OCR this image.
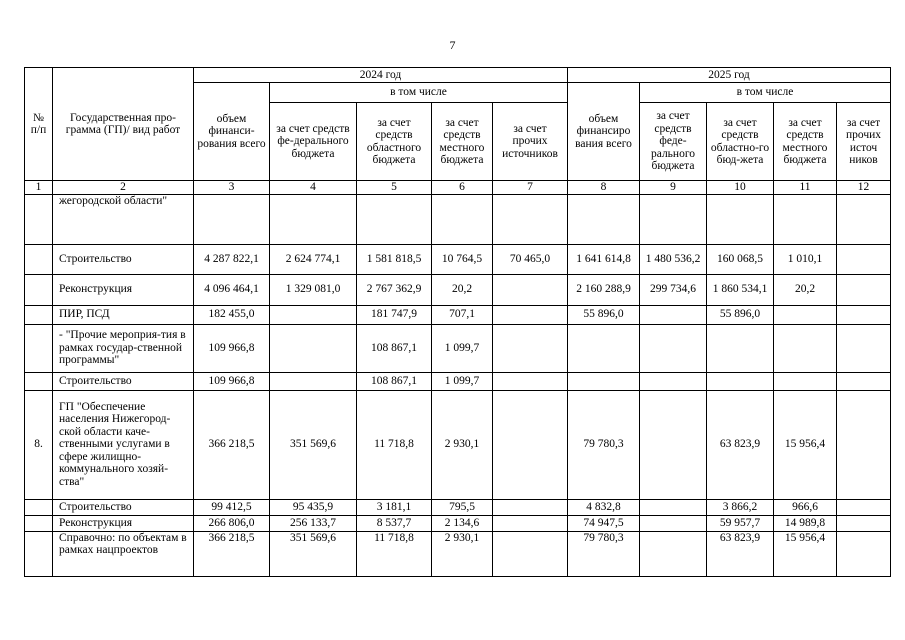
7
№ п/п	Государственная про-граммa (ГП)/ вид работ	2024 год					2025 год				
		объем финанси-рования всего	в том числе				объем финансиро вания всего	в том числе			
			за счет средств фе-дерального бюджета	за счет средств областного бюджета	за счет средств местного бюджета	за счет прочих источников		за счет средств феде-рального бюджета	за счет средств областно-го бюд-жета	за счет средств местного бюджета	за счет прочих источ ников
1	2	3	4	5	6	7	8	9	10	11	12
	жегородской области"										
	Строительство	4 287 822,1	2 624 774,1	1 581 818,5	10 764,5	70 465,0	1 641 614,8	1 480 536,2	160 068,5	1 010,1	
	Реконструкция	4 096 464,1	1 329 081,0	2 767 362,9	20,2		2 160 288,9	299 734,6	1 860 534,1	20,2	
	ПИР, ПСД	182 455,0		181 747,9	707,1		55 896,0		55 896,0		
	- "Прочие мероприя-тия в рамках государ-ственной программы"	109 966,8		108 867,1	1 099,7						
	Строительство	109 966,8		108 867,1	1 099,7						
8.	ГП "Обеспечение населения Нижегород-ской области каче-ственными услугами в сфере жилищно-коммунального хозяй-ства"	366 218,5	351 569,6	11 718,8	2 930,1		79 780,3		63 823,9	15 956,4	
	Строительство	99 412,5	95 435,9	3 181,1	795,5		4 832,8		3 866,2	966,6	
	Реконструкция	266 806,0	256 133,7	8 537,7	2 134,6		74 947,5		59 957,7	14 989,8	
	Справочно: по объектам в рамках нацпроектов	366 218,5	351 569,6	11 718,8	2 930,1		79 780,3		63 823,9	15 956,4	
